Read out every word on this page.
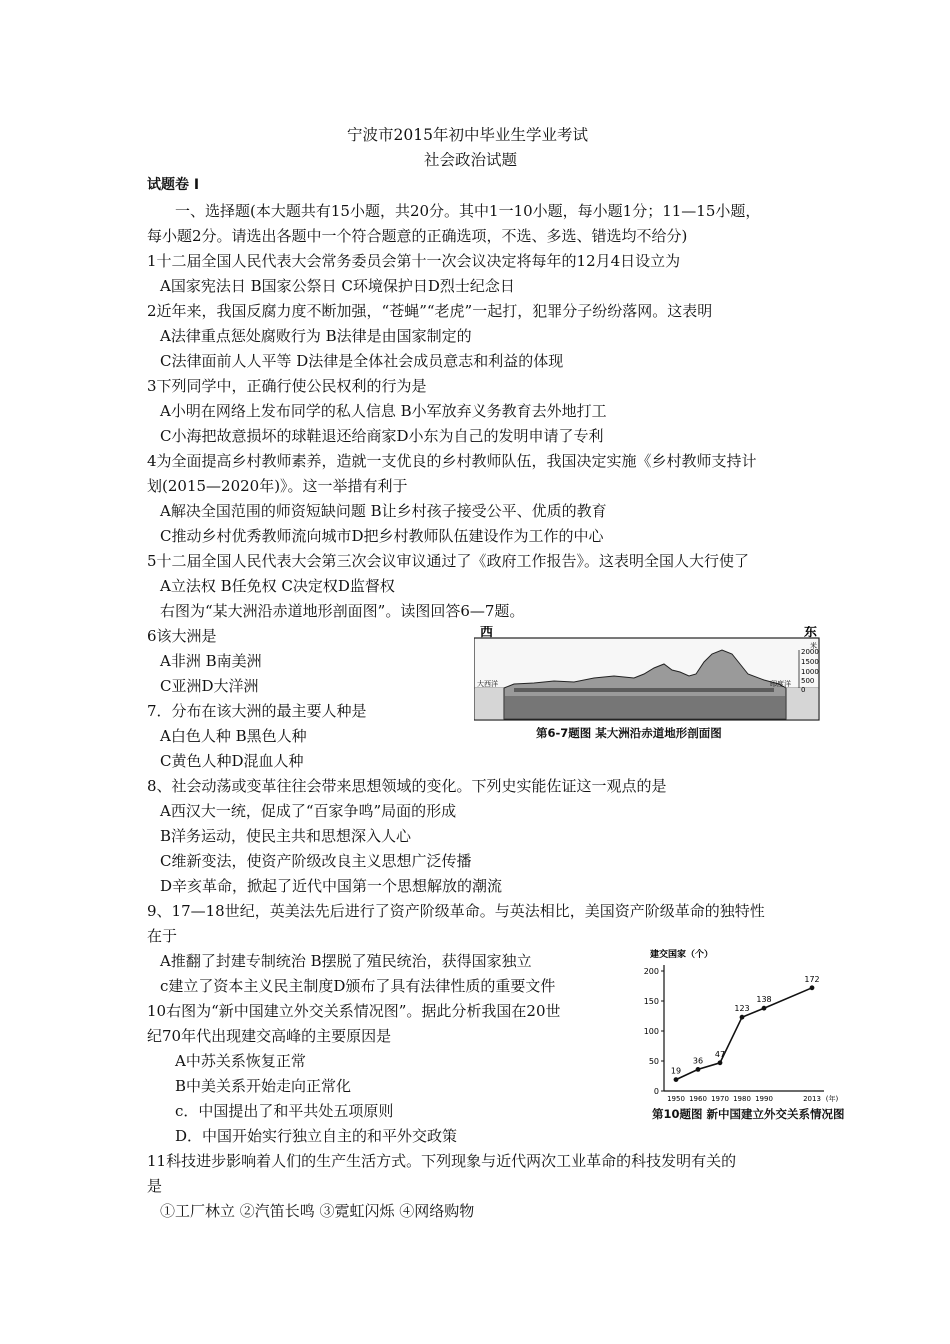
宁波市2015年初中毕业生学业考试
社会政治试题
试题卷 Ⅰ
一、选择题(本大题共有15小题，共20分。其中1一10小题，每小题1分；11—15小题，
每小题2分。请选出各题中一个符合题意的正确选项，不选、多选、错选均不给分)
1十二届全国人民代表大会常务委员会第十一次会议决定将每年的12月4日设立为
A国家宪法日 B国家公祭日 C环境保护日D烈士纪念日
2近年来，我国反腐力度不断加强，“苍蝇”“老虎”一起打，犯罪分子纷纷落网。这表明
A法律重点惩处腐败行为 B法律是由国家制定的
C法律面前人人平等 D法律是全体社会成员意志和利益的体现
3下列同学中，正确行使公民权利的行为是
A小明在网络上发布同学的私人信息 B小军放弃义务教育去外地打工
C小海把故意损坏的球鞋退还给商家D小东为自己的发明申请了专利
4为全面提高乡村教师素养，造就一支优良的乡村教师队伍，我国决定实施《乡村教师支持计
划(2015—2020年)》。这一举措有利于
A解决全国范围的师资短缺问题 B让乡村孩子接受公平、优质的教育
C推动乡村优秀教师流向城市D把乡村教师队伍建设作为工作的中心
5十二届全国人民代表大会第三次会议审议通过了《政府工作报告》。这表明全国人大行使了
A立法权 B任免权 C决定权D监督权
右图为“某大洲沿赤道地形剖面图”。读图回答6—7题。
6该大洲是
A非洲 B南美洲
C亚洲D大洋洲
7．分布在该大洲的最主要人种是
A白色人种 B黑色人种
C黄色人种D混血人种
西	东
米
2000
1500
1000
500
0
大西洋	印度洋
第6-7题图 某大洲沿赤道地形剖面图
8、社会动荡或变革往往会带来思想领域的变化。下列史实能佐证这一观点的是
A西汉大一统，促成了“百家争鸣”局面的形成
B洋务运动，使民主共和思想深入人心
C维新变法，使资产阶级改良主义思想广泛传播
D辛亥革命，掀起了近代中国第一个思想解放的潮流
9、17—18世纪，英美法先后进行了资产阶级革命。与英法相比，美国资产阶级革命的独特性
在于
A推翻了封建专制统治 B摆脱了殖民统治，获得国家独立
c建立了资本主义民主制度D颁布了具有法律性质的重要文件
10右图为“新中国建立外交关系情况图”。据此分析我国在20世
纪70年代出现建交高峰的主要原因是
A中苏关系恢复正常
B中美关系开始走向正常化
c．中国提出了和平共处五项原则
D．中国开始实行独立自主的和平外交政策
11科技进步影响着人们的生产生活方式。下列现象与近代两次工业革命的科技发明有关的
是
①工厂林立 ②汽笛长鸣 ③霓虹闪烁 ④网络购物
建交国家（个）
0
50
100
150
200
1950 1960 1970 1980 1990	2013 (年)
19
36
47
123
138
172
第10题图 新中国建立外交关系情况图
